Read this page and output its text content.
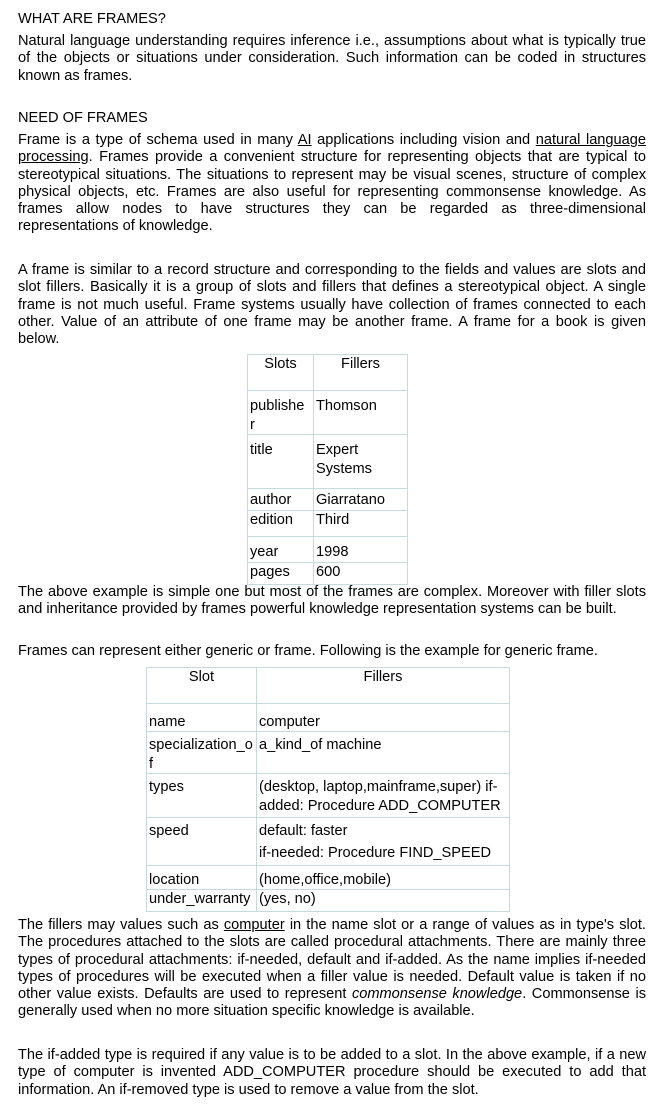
WHAT ARE FRAMES?

Natural language understanding requires inference i.e., assumptions about what is typically true of the objects or situations under consideration. Such information can be coded in structures known as frames.

NEED OF FRAMES

Frame is a type of schema used in many AI applications including vision and natural language processing. Frames provide a convenient structure for representing objects that are typical to stereotypical situations. The situations to represent may be visual scenes, structure of complex physical objects, etc. Frames are also useful for representing commonsense knowledge. As frames allow nodes to have structures they can be regarded as three-dimensional representations of knowledge.

A frame is similar to a record structure and corresponding to the fields and values are slots and slot fillers. Basically it is a group of slots and fillers that defines a stereotypical object. A single frame is not much useful. Frame systems usually have collection of frames connected to each other. Value of an attribute of one frame may be another frame. A frame for a book is given below.

Slots	Fillers
publishe r	Thomson
title	Expert Systems
author	Giarratano
edition	Third
year	1998
pages	600

The above example is simple one but most of the frames are complex. Moreover with filler slots and inheritance provided by frames powerful knowledge representation systems can be built.

Frames can represent either generic or frame. Following is the example for generic frame.

Slot	Fillers
name	computer
specialization_o f	a_kind_of machine
types	(desktop, laptop,mainframe,super) if-added: Procedure ADD_COMPUTER
speed	default: faster
if-needed: Procedure FIND_SPEED

location	(home,office,mobile)
under_warranty	(yes, no)

The fillers may values such as computer in the name slot or a range of values as in type's slot. The procedures attached to the slots are called procedural attachments. There are mainly three types of procedural attachments: if-needed, default and if-added. As the name implies if-needed types of procedures will be executed when a filler value is needed. Default value is taken if no other value exists. Defaults are used to represent commonsense knowledge. Commonsense is generally used when no more situation specific knowledge is available.

The if-added type is required if any value is to be added to a slot. In the above example, if a new type of computer is invented ADD_COMPUTER procedure should be executed to add that information. An if-removed type is used to remove a value from the slot.
